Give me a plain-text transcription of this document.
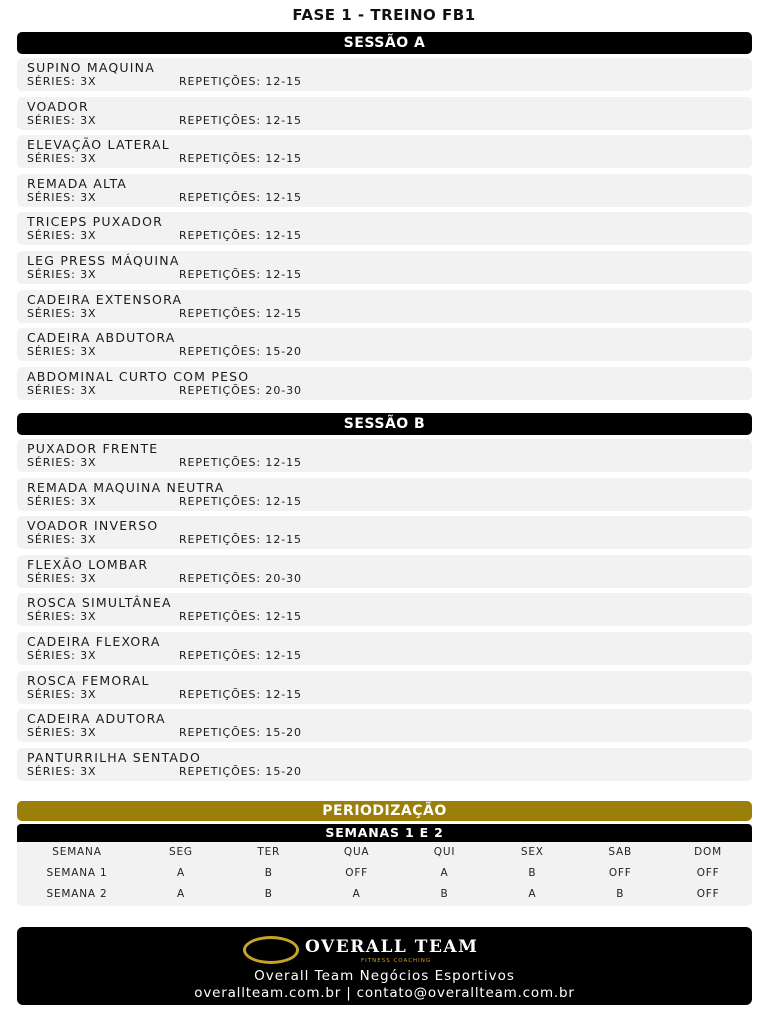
FASE 1 - TREINO FB1
SESSÃO A
SUPINO MAQUINA
SÉRIES: 3X	REPETIÇÕES: 12-15
VOADOR
SÉRIES: 3X	REPETIÇÕES: 12-15
ELEVAÇÃO LATERAL
SÉRIES: 3X	REPETIÇÕES: 12-15
REMADA ALTA
SÉRIES: 3X	REPETIÇÕES: 12-15
TRICEPS PUXADOR
SÉRIES: 3X	REPETIÇÕES: 12-15
LEG PRESS MÁQUINA
SÉRIES: 3X	REPETIÇÕES: 12-15
CADEIRA EXTENSORA
SÉRIES: 3X	REPETIÇÕES: 12-15
CADEIRA ABDUTORA
SÉRIES: 3X	REPETIÇÕES: 15-20
ABDOMINAL CURTO COM PESO
SÉRIES: 3X	REPETIÇÕES: 20-30
SESSÃO B
PUXADOR FRENTE
SÉRIES: 3X	REPETIÇÕES: 12-15
REMADA MAQUINA NEUTRA
SÉRIES: 3X	REPETIÇÕES: 12-15
VOADOR INVERSO
SÉRIES: 3X	REPETIÇÕES: 12-15
FLEXÃO LOMBAR
SÉRIES: 3X	REPETIÇÕES: 20-30
ROSCA SIMULTÂNEA
SÉRIES: 3X	REPETIÇÕES: 12-15
CADEIRA FLEXORA
SÉRIES: 3X	REPETIÇÕES: 12-15
ROSCA FEMORAL
SÉRIES: 3X	REPETIÇÕES: 12-15
CADEIRA ADUTORA
SÉRIES: 3X	REPETIÇÕES: 15-20
PANTURRILHA SENTADO
SÉRIES: 3X	REPETIÇÕES: 15-20
PERIODIZAÇÃO
SEMANAS 1 E 2
SEMANA	SEG	TER	QUA	QUI	SEX	SAB	DOM
SEMANA 1	A	B	OFF	A	B	OFF	OFF
SEMANA 2	A	B	A	B	A	B	OFF
OVERALL TEAM
FITNESS COACHING
Overall Team Negócios Esportivos
overallteam.com.br | contato@overallteam.com.br
